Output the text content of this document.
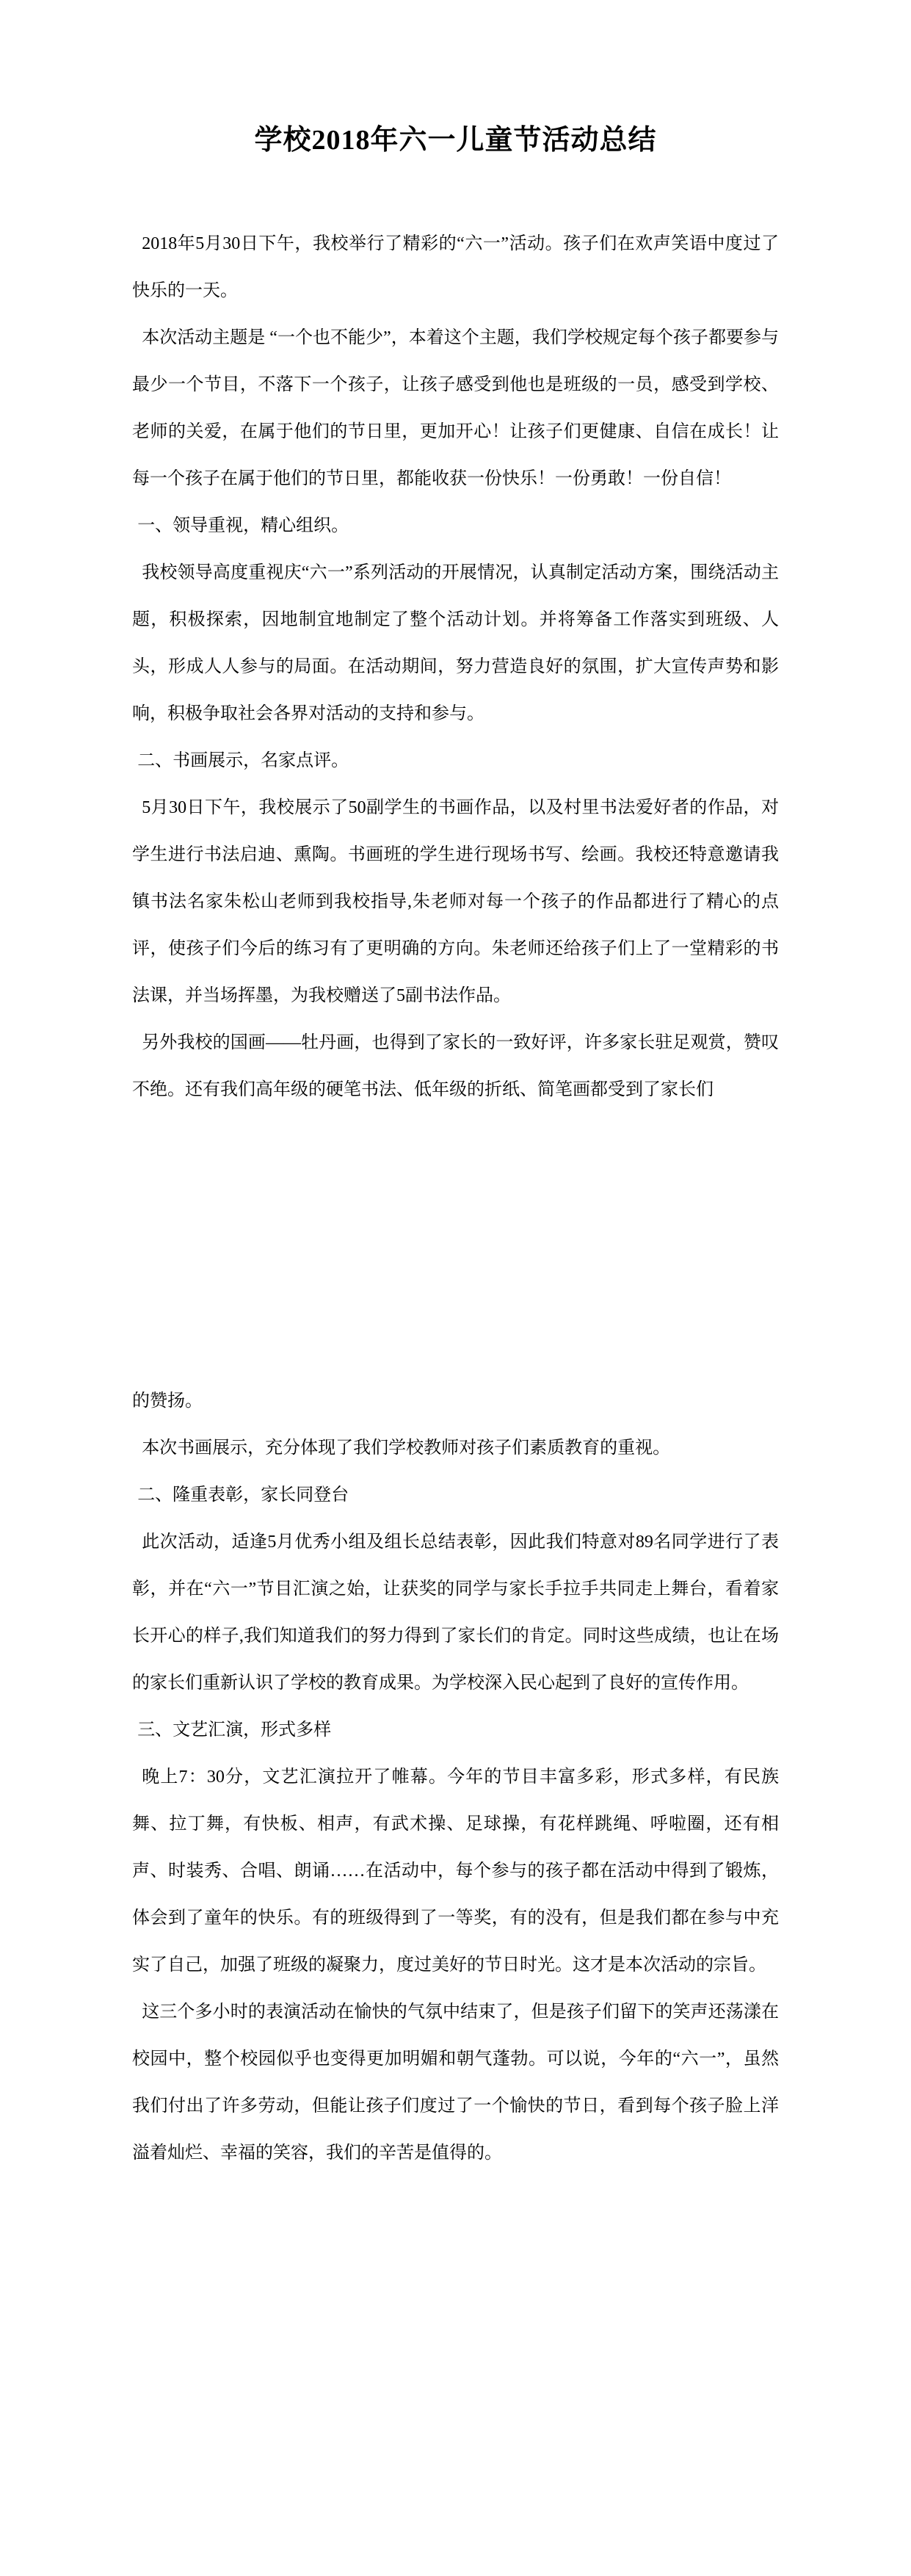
学校2018年六一儿童节活动总结

2018年5月30日下午，我校举行了精彩的“六一”活动。孩子们在欢声笑语中度过了快乐的一天。

本次活动主题是 “一个也不能少”，本着这个主题，我们学校规定每个孩子都要参与最少一个节目，不落下一个孩子，让孩子感受到他也是班级的一员，感受到学校、老师的关爱，在属于他们的节日里，更加开心！让孩子们更健康、自信在成长！让每一个孩子在属于他们的节日里，都能收获一份快乐！一份勇敢！一份自信！

一、领导重视，精心组织。

我校领导高度重视庆“六一”系列活动的开展情况，认真制定活动方案，围绕活动主题，积极探索，因地制宜地制定了整个活动计划。并将筹备工作落实到班级、人头，形成人人参与的局面。在活动期间，努力营造良好的氛围，扩大宣传声势和影响，积极争取社会各界对活动的支持和参与。

二、书画展示，名家点评。

5月30日下午，我校展示了50副学生的书画作品，以及村里书法爱好者的作品，对学生进行书法启迪、熏陶。书画班的学生进行现场书写、绘画。我校还特意邀请我镇书法名家朱松山老师到我校指导,朱老师对每一个孩子的作品都进行了精心的点评，使孩子们今后的练习有了更明确的方向。朱老师还给孩子们上了一堂精彩的书法课，并当场挥墨，为我校赠送了5副书法作品。

另外我校的国画——牡丹画，也得到了家长的一致好评，许多家长驻足观赏，赞叹不绝。还有我们高年级的硬笔书法、低年级的折纸、简笔画都受到了家长们

的赞扬。

本次书画展示，充分体现了我们学校教师对孩子们素质教育的重视。

二、隆重表彰，家长同登台

此次活动，适逢5月优秀小组及组长总结表彰，因此我们特意对89名同学进行了表彰，并在“六一”节目汇演之始，让获奖的同学与家长手拉手共同走上舞台，看着家长开心的样子,我们知道我们的努力得到了家长们的肯定。同时这些成绩，也让在场的家长们重新认识了学校的教育成果。为学校深入民心起到了良好的宣传作用。

三、文艺汇演，形式多样

晚上7：30分，文艺汇演拉开了帷幕。今年的节目丰富多彩，形式多样，有民族舞、拉丁舞，有快板、相声，有武术操、足球操，有花样跳绳、呼啦圈，还有相声、时装秀、合唱、朗诵……在活动中，每个参与的孩子都在活动中得到了锻炼，体会到了童年的快乐。有的班级得到了一等奖，有的没有，但是我们都在参与中充实了自己，加强了班级的凝聚力，度过美好的节日时光。这才是本次活动的宗旨。

这三个多小时的表演活动在愉快的气氛中结束了，但是孩子们留下的笑声还荡漾在校园中，整个校园似乎也变得更加明媚和朝气蓬勃。可以说，今年的“六一”，虽然我们付出了许多劳动，但能让孩子们度过了一个愉快的节日，看到每个孩子脸上洋溢着灿烂、幸福的笑容，我们的辛苦是值得的。
